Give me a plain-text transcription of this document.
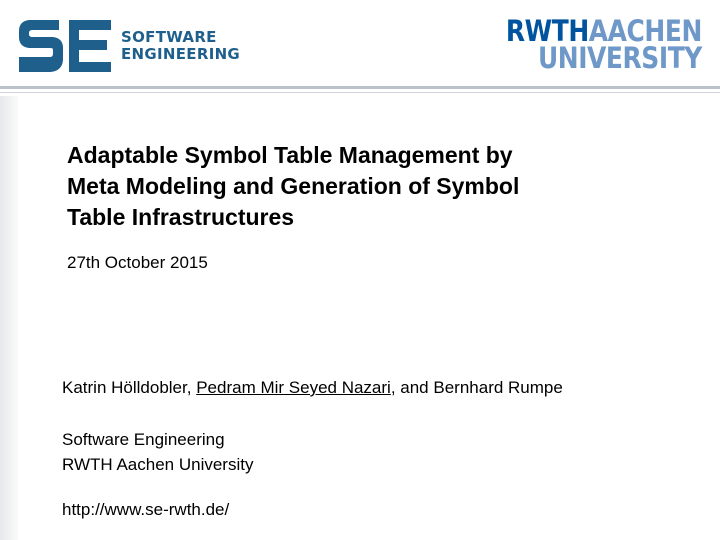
SOFTWARE
ENGINEERING
RWTHAACHEN
UNIVERSITY
Adaptable Symbol Table Management by
Meta Modeling and Generation of Symbol
Table Infrastructures
27th October 2015
Katrin Hölldobler, Pedram Mir Seyed Nazari, and Bernhard Rumpe
Software Engineering
RWTH Aachen University
http://www.se-rwth.de/
